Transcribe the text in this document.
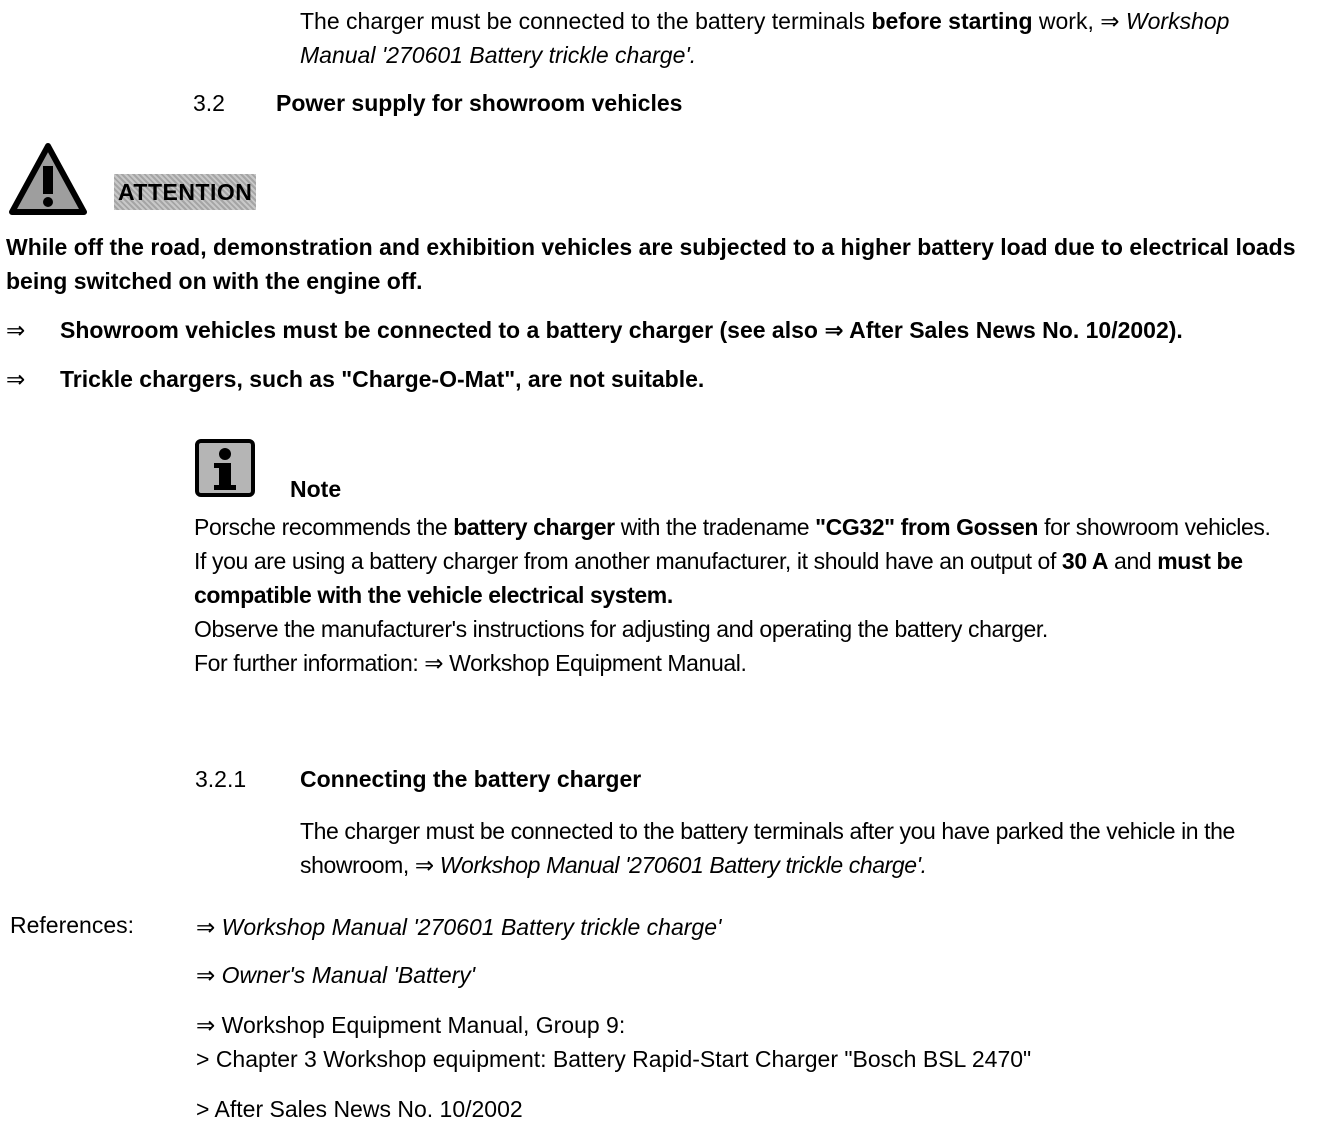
The charger must be connected to the battery terminals before starting work, ⇒ Workshop Manual '270601 Battery trickle charge'.

3.2 Power supply for showroom vehicles
ATTENTION

While off the road, demonstration and exhibition vehicles are subjected to a higher battery load due to electrical loads being switched on with the engine off.

⇒ Showroom vehicles must be connected to a battery charger (see also ⇒ After Sales News No. 10/2002).
⇒ Trickle chargers, such as "Charge-O-Mat", are not suitable.
Note

Porsche recommends the battery charger with the tradename "CG32" from Gossen for showroom vehicles.

If you are using a battery charger from another manufacturer, it should have an output of 30 A and must be compatible with the vehicle electrical system.

Observe the manufacturer's instructions for adjusting and operating the battery charger.

For further information: ⇒ Workshop Equipment Manual.

3.2.1 Connecting the battery charger

The charger must be connected to the battery terminals after you have parked the vehicle in the showroom, ⇒ Workshop Manual '270601 Battery trickle charge'.

References:	⇒ Workshop Manual '270601 Battery trickle charge'
⇒ Owner's Manual 'Battery'
⇒ Workshop Equipment Manual, Group 9:
> Chapter 3 Workshop equipment: Battery Rapid-Start Charger "Bosch BSL 2470"
> After Sales News No. 10/2002
